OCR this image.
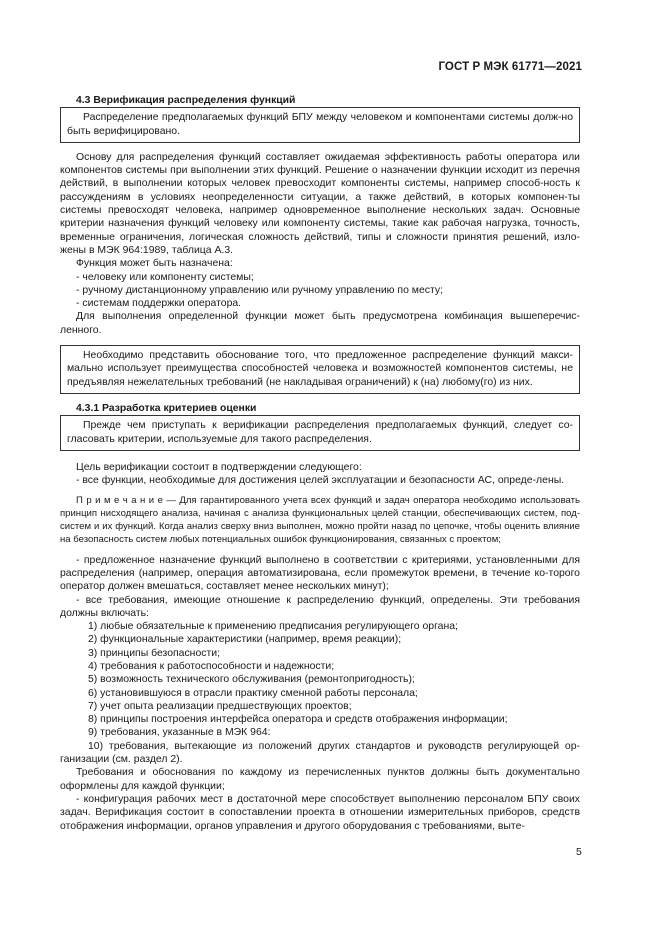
ГОСТ Р МЭК 61771—2021

4.3 Верификация распределения функций

Распределение предполагаемых функций БПУ между человеком и компонентами системы долж-но быть верифицировано.

Основу для распределения функций составляет ожидаемая эффективность работы оператора или компонентов системы при выполнении этих функций. Решение о назначении функции исходит из перечня действий, в выполнении которых человек превосходит компоненты системы, например способ-ность к рассуждениям в условиях неопределенности ситуации, а также действий, в которых компонен-ты системы превосходят человека, например одновременное выполнение нескольких задач. Основные критерии назначения функций человеку или компоненту системы, такие как рабочая нагрузка, точность, временные ограничения, логическая сложность действий, типы и сложности принятия решений, изло-жены в МЭК 964:1989, таблица А.3.

Функция может быть назначена:

- человеку или компоненту системы;

- ручному дистанционному управлению или ручному управлению по месту;

- системам поддержки оператора.

Для выполнения определенной функции может быть предусмотрена комбинация вышеперечис-ленного.

Необходимо представить обоснование того, что предложенное распределение функций макси-мально использует преимущества способностей человека и возможностей компонентов системы, не предъявляя нежелательных требований (не накладывая ограничений) к (на) любому(го) из них.

4.3.1 Разработка критериев оценки

Прежде чем приступать к верификации распределения предполагаемых функций, следует со-гласовать критерии, используемые для такого распределения.

Цель верификации состоит в подтверждении следующего:

- все функции, необходимые для достижения целей эксплуатации и безопасности АС, опреде-лены.

П р и м е ч а н и е — Для гарантированного учета всех функций и задач оператора необходимо использовать принцип нисходящего анализа, начиная с анализа функциональных целей станции, обеспечивающих систем, под-систем и их функций. Когда анализ сверху вниз выполнен, можно пройти назад по цепочке, чтобы оценить влияние на безопасность систем любых потенциальных ошибок функционирования, связанных с проектом;

- предложенное назначение функций выполнено в соответствии с критериями, установленными для распределения (например, операция автоматизирована, если промежуток времени, в течение ко-торого оператор должен вмешаться, составляет менее нескольких минут);

- все требования, имеющие отношение к распределению функций, определены. Эти требования должны включать:

1) любые обязательные к применению предписания регулирующего органа;

2) функциональные характеристики (например, время реакции);

3) принципы безопасности;

4) требования к работоспособности и надежности;

5) возможность технического обслуживания (ремонтопригодность);

6) установившуюся в отрасли практику сменной работы персонала;

7) учет опыта реализации предшествующих проектов;

8) принципы построения интерфейса оператора и средств отображения информации;

9) требования, указанные в МЭК 964:

10) требования, вытекающие из положений других стандартов и руководств регулирующей ор-ганизации (см. раздел 2).

Требования и обоснования по каждому из перечисленных пунктов должны быть документально оформлены для каждой функции;

- конфигурация рабочих мест в достаточной мере способствует выполнению персоналом БПУ своих задач. Верификация состоит в сопоставлении проекта в отношении измерительных приборов, средств отображения информации, органов управления и другого оборудования с требованиями, выте-

5
